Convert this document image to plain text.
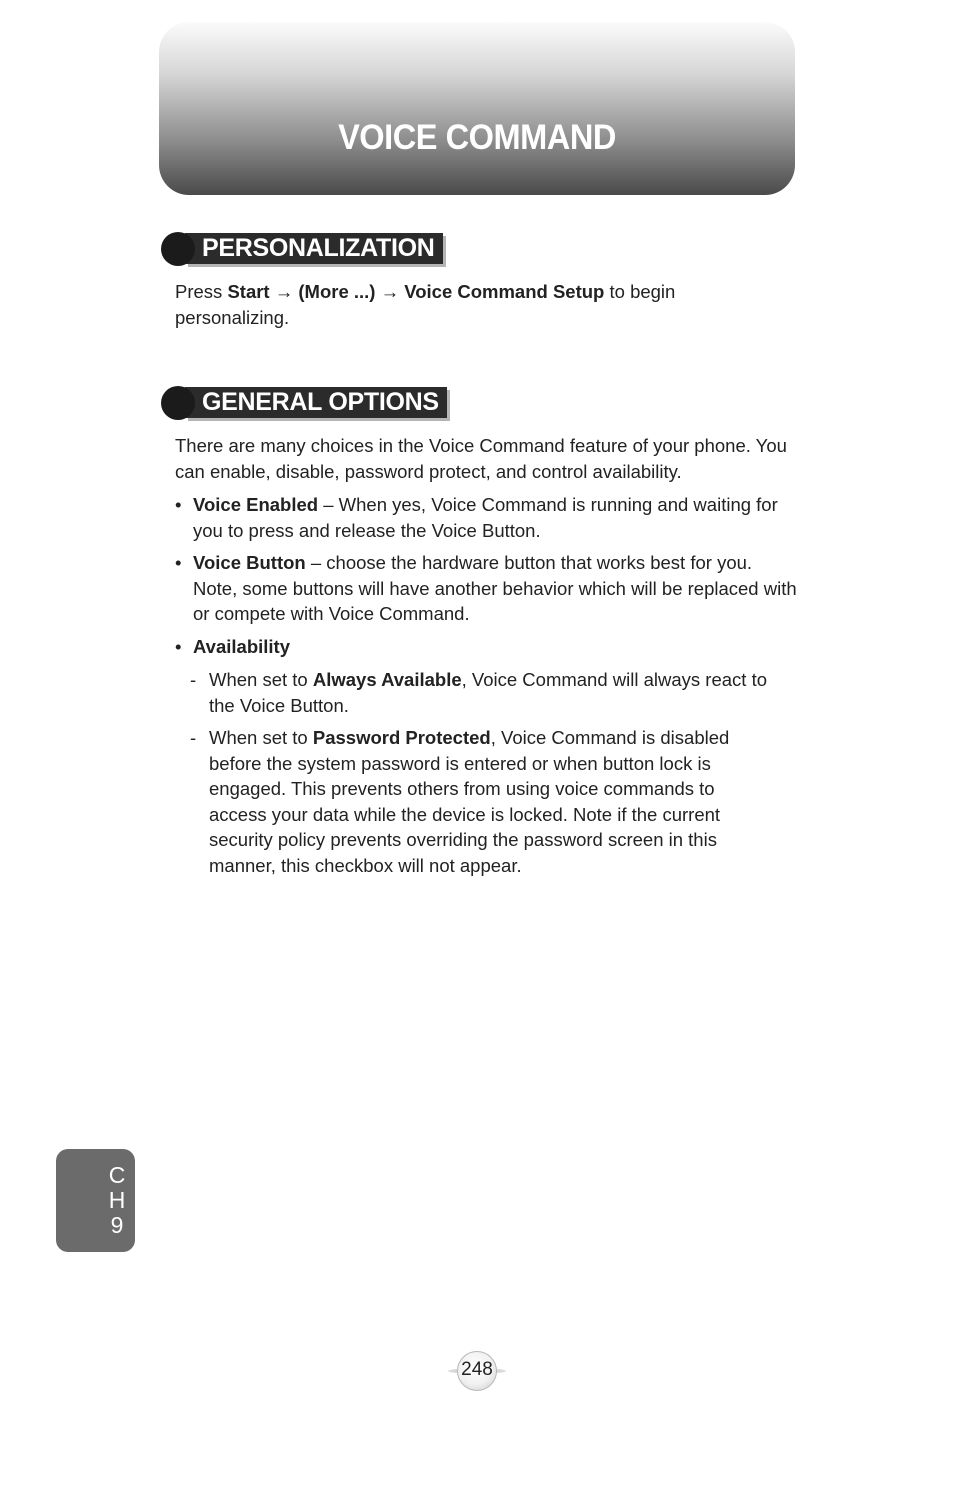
VOICE COMMAND
PERSONALIZATION
Press Start → (More ...) → Voice Command Setup to begin personalizing.
GENERAL OPTIONS
There are many choices in the Voice Command feature of your phone. You can enable, disable, password protect, and control availability.
• Voice Enabled – When yes, Voice Command is running and waiting for you to press and release the Voice Button.
• Voice Button – choose the hardware button that works best for you. Note, some buttons will have another behavior which will be replaced with or compete with Voice Command.
• Availability
- When set to Always Available, Voice Command will always react to the Voice Button.
- When set to Password Protected, Voice Command is disabled before the system password is entered or when button lock is engaged. This prevents others from using voice commands to access your data while the device is locked. Note if the current security policy prevents overriding the password screen in this manner, this checkbox will not appear.
C
H
9
248
